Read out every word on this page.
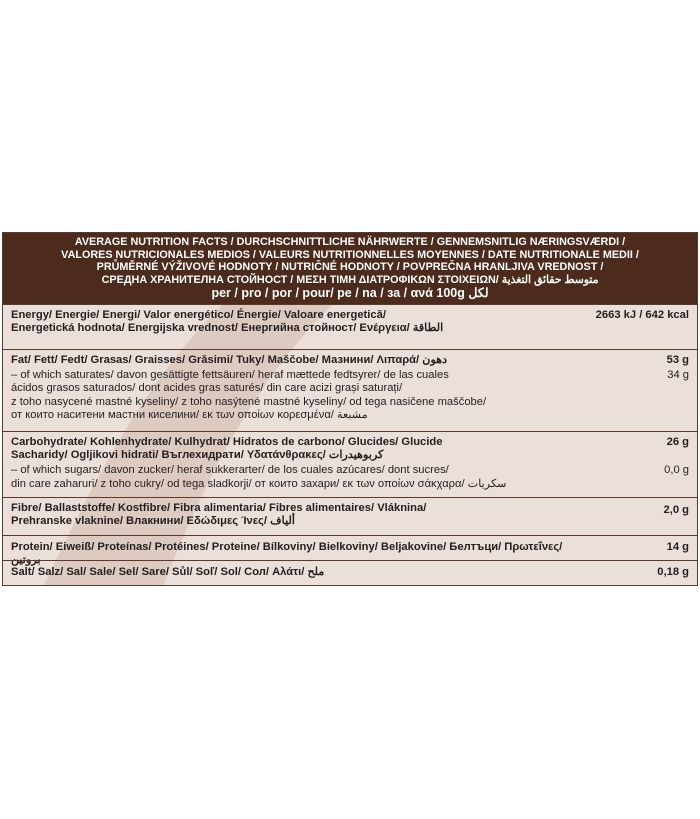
AVERAGE NUTRITION FACTS / DURCHSCHNITTLICHE NÄHRWERTE / GENNEMSNITLIG NÆRINGSVÆRDI /
VALORES NUTRICIONALES MEDIOS / VALEURS NUTRITIONNELLES MOYENNES / DATE NUTRITIONALE MEDII /
PRŮMĚRNÉ VÝŽIVOVÉ HODNOTY / NUTRIČNÉ HODNOTY / POVPREČNA HRANLJIVA VREDNOST /
СРЕДНА ХРАНИТЕЛНА СТОЙНОСТ / ΜΕΣΗ ΤΙΜΗ ΔΙΑΤΡΟΦΙΚΩΝ ΣΤΟΙΧΕΙΩΝ/ متوسط حقائق التغذية
per / pro / por / pour/ pe / na / за / ανά 100g لكل
Energy/ Energie/ Energi/ Valor energético/ Énergie/ Valoare energetică/
Energetická hodnota/ Energijska vrednost/ Енергийна стойност/ Ενέργεια/ الطاقة
2663 kJ / 642 kcal
Fat/ Fett/ Fedt/ Grasas/ Graisses/ Grăsimi/ Tuky/ Maščobe/ Мазнини/ Λιπαρά/ دهون
– of which saturates/ davon gesättigte fettsäuren/ heraf mættede fedtsyrer/ de las cuales
ácidos grasos saturados/ dont acides gras saturés/ din care acizi grași saturați/
z toho nasycené mastné kyseliny/ z toho nasýtené mastné kyseliny/ od tega nasičene maščobe/
от които наситени мастни киселини/ εκ των οποίων κορεσμένα/ مشبعة
53 g
34 g
Carbohydrate/ Kohlenhydrate/ Kulhydrat/ Hidratos de carbono/ Glucides/ Glucide
Sacharidy/ Ogljikovi hidrati/ Въглехидрати/ Υδατάνθρακες/ كربوهيدرات
– of which sugars/ davon zucker/ heraf sukkerarter/ de los cuales azúcares/ dont sucres/
din care zaharuri/ z toho cukry/ od tega sladkorji/ от които захари/ εκ των οποίων σάκχαρα/ سكريات
26 g
0,0 g
Fibre/ Ballaststoffe/ Kostfibre/ Fibra alimentaria/ Fibres alimentaires/ Vláknina/
Prehranske vlaknine/ Влакнини/ Εδώδιμες Ίνες/ ألياف
2,0 g
Protein/ Eiweiß/ Proteínas/ Protéines/ Proteine/ Bílkoviny/ Bielkoviny/ Beljakovine/ Белтъци/ Πρωτεΐνες/ بروتين
14 g
Salt/ Salz/ Sal/ Sale/ Sel/ Sare/ Sůl/ Soľ/ Sol/ Сол/ Αλάτι/ ملح	0,18 g
